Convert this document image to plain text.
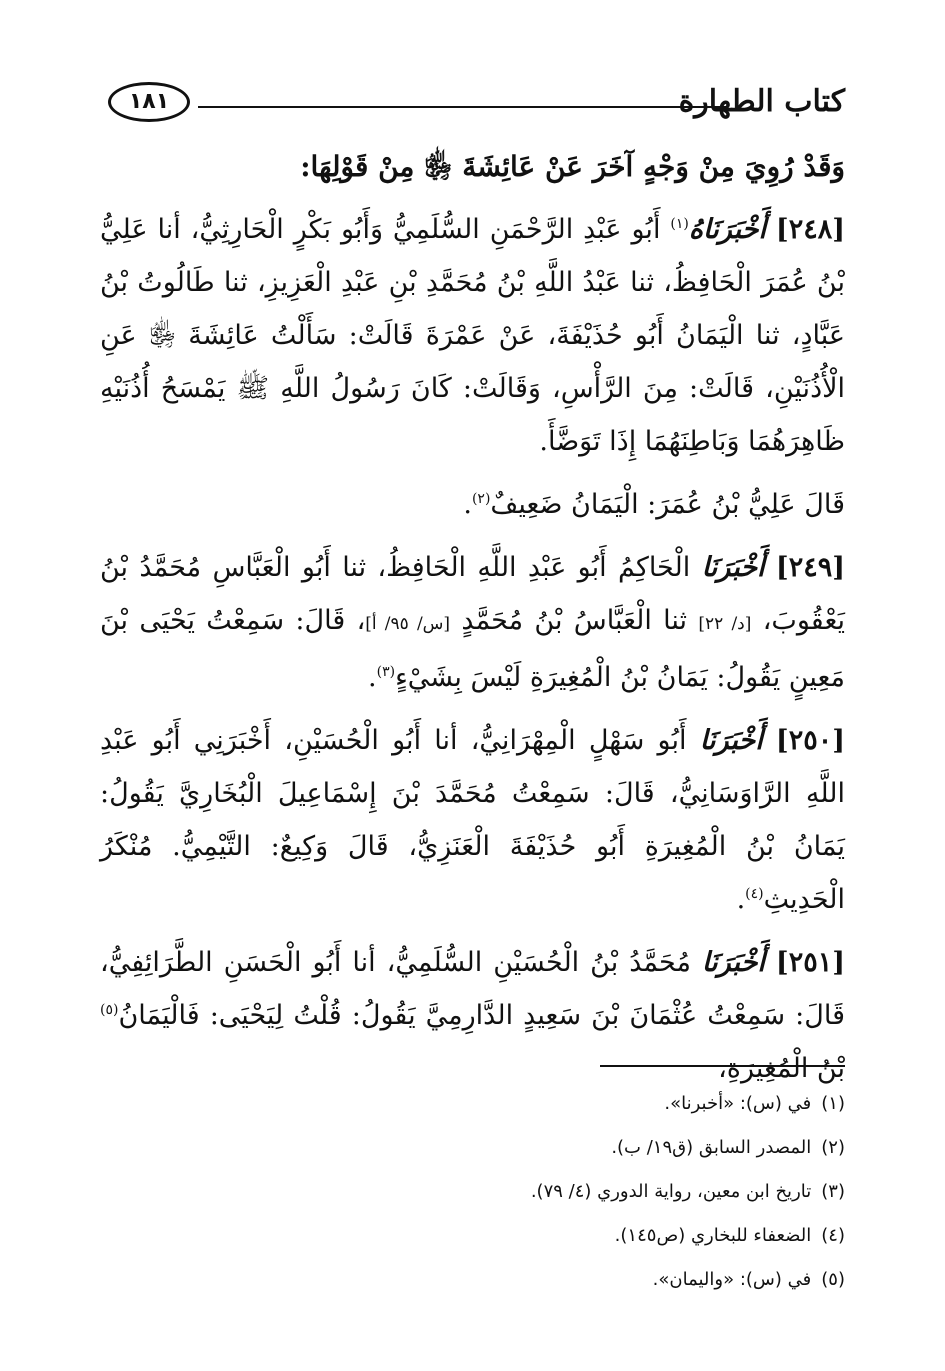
كتاب الطهارة
١٨١

وَقَدْ رُوِيَ مِنْ وَجْهٍ آخَرَ عَنْ عَائِشَةَ ﵂ مِنْ قَوْلِهَا:

[٢٤٨] أَخْبَرَنَاهُ$^{(١)}$ أَبُو عَبْدِ الرَّحْمَنِ السُّلَمِيُّ وَأَبُو بَكْرٍ الْحَارِثِيُّ، أنا عَلِيُّ بْنُ عُمَرَ الْحَافِظُ، ثنا عَبْدُ اللَّهِ بْنُ مُحَمَّدِ بْنِ عَبْدِ الْعَزِيزِ، ثنا طَالُوتُ بْنُ عَبَّادٍ، ثنا الْيَمَانُ أَبُو حُذَيْفَةَ، عَنْ عَمْرَةَ قَالَتْ: سَأَلْتُ عَائِشَةَ ﵂ عَنِ الْأُذُنَيْنِ، قَالَتْ: مِنَ الرَّأْسِ، وَقَالَتْ: كَانَ رَسُولُ اللَّهِ ﷺ يَمْسَحُ أُذُنَيْهِ ظَاهِرَهُمَا وَبَاطِنَهُمَا إِذَا تَوَضَّأَ.

قَالَ عَلِيُّ بْنُ عُمَرَ: الْيَمَانُ ضَعِيفٌ$^{(٢)}$.

[٢٤٩] أَخْبَرَنَا الْحَاكِمُ أَبُو عَبْدِ اللَّهِ الْحَافِظُ، ثنا أَبُو الْعَبَّاسِ مُحَمَّدُ بْنُ يَعْقُوبَ، [د/ ٢٢] ثنا الْعَبَّاسُ بْنُ مُحَمَّدٍ [س/ ٩٥/ أ]، قَالَ: سَمِعْتُ يَحْيَى بْنَ مَعِينٍ يَقُولُ: يَمَانُ بْنُ الْمُغِيرَةِ لَيْسَ بِشَيْءٍ$^{(٣)}$.

[٢٥٠] أَخْبَرَنَا أَبُو سَهْلٍ الْمِهْرَانِيُّ، أنا أَبُو الْحُسَيْنِ، أَخْبَرَنِي أَبُو عَبْدِ اللَّهِ الرَّاوَسَانِيُّ، قَالَ: سَمِعْتُ مُحَمَّدَ بْنَ إِسْمَاعِيلَ الْبُخَارِيَّ يَقُولُ: يَمَانُ بْنُ الْمُغِيرَةِ أَبُو حُذَيْفَةَ الْعَنَزِيُّ، قَالَ وَكِيعٌ: التَّيْمِيُّ. مُنْكَرُ الْحَدِيثِ$^{(٤)}$.

[٢٥١] أَخْبَرَنَا مُحَمَّدُ بْنُ الْحُسَيْنِ السُّلَمِيُّ، أنا أَبُو الْحَسَنِ الطَّرَائِفِيُّ، قَالَ: سَمِعْتُ عُثْمَانَ بْنَ سَعِيدٍ الدَّارِمِيَّ يَقُولُ: قُلْتُ لِيَحْيَى: فَالْيَمَانُ$^{(٥)}$ بْنُ الْمُغِيرَةِ،

(١)في (س): «أخبرنا».
(٢)المصدر السابق (ق١٩/ ب).
(٣)تاريخ ابن معين، رواية الدوري (٤/ ٧٩).
(٤)الضعفاء للبخاري (ص١٤٥).
(٥)في (س): «واليمان».
